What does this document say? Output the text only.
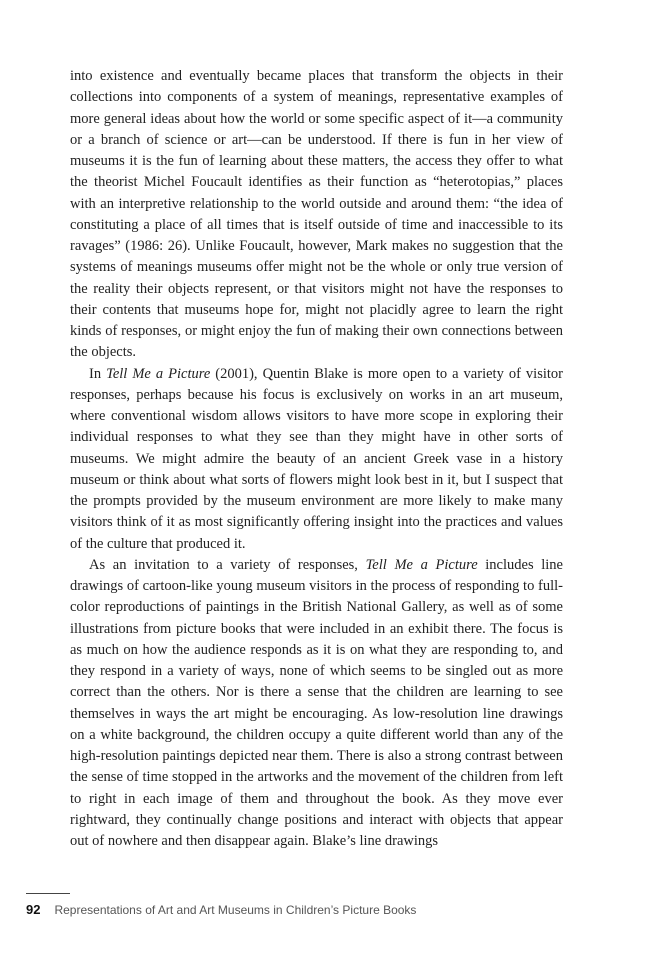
into existence and eventually became places that transform the objects in their collections into components of a system of meanings, representative examples of more general ideas about how the world or some specific aspect of it—a community or a branch of science or art—can be understood. If there is fun in her view of museums it is the fun of learning about these matters, the access they offer to what the theorist Michel Foucault identifies as their function as “heterotopias,” places with an interpretive relationship to the world outside and around them: “the idea of constituting a place of all times that is itself outside of time and inaccessible to its ravages” (1986: 26). Unlike Foucault, however, Mark makes no suggestion that the systems of meanings museums offer might not be the whole or only true version of the reality their objects represent, or that visitors might not have the responses to their contents that museums hope for, might not placidly agree to learn the right kinds of responses, or might enjoy the fun of making their own connections between the objects.

In Tell Me a Picture (2001), Quentin Blake is more open to a variety of visitor responses, perhaps because his focus is exclusively on works in an art museum, where conventional wisdom allows visitors to have more scope in exploring their individual responses to what they see than they might have in other sorts of museums. We might admire the beauty of an ancient Greek vase in a history museum or think about what sorts of flowers might look best in it, but I suspect that the prompts provided by the museum environment are more likely to make many visitors think of it as most significantly offering insight into the practices and values of the culture that produced it.

As an invitation to a variety of responses, Tell Me a Picture includes line drawings of cartoon-like young museum visitors in the process of responding to full-color reproductions of paintings in the British National Gallery, as well as of some illustrations from picture books that were included in an exhibit there. The focus is as much on how the audience responds as it is on what they are responding to, and they respond in a variety of ways, none of which seems to be singled out as more correct than the others. Nor is there a sense that the children are learning to see themselves in ways the art might be encouraging. As low-resolution line drawings on a white background, the children occupy a quite different world than any of the high-resolution paintings depicted near them. There is also a strong contrast between the sense of time stopped in the artworks and the movement of the children from left to right in each image of them and throughout the book. As they move ever rightward, they continually change positions and interact with objects that appear out of nowhere and then disappear again. Blake’s line drawings

92 Representations of Art and Art Museums in Children’s Picture Books
